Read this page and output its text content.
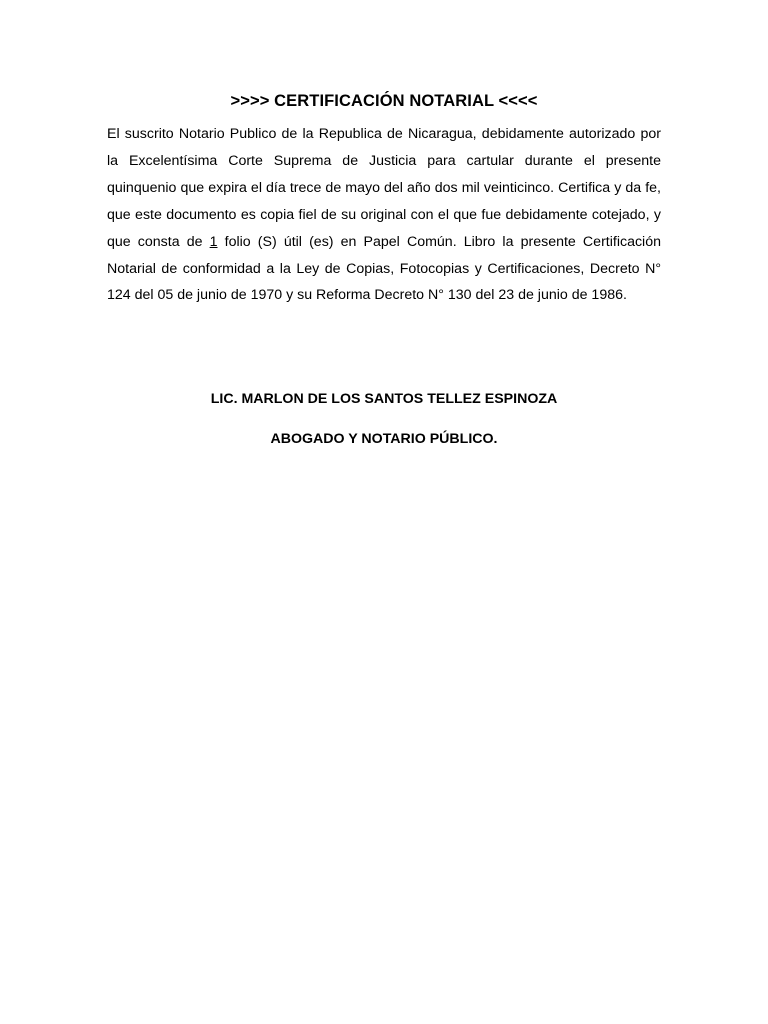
>>>> CERTIFICACIÓN NOTARIAL <<<<
El suscrito Notario Publico de la Republica de Nicaragua, debidamente autorizado por la Excelentísima Corte Suprema de Justicia para cartular durante el presente quinquenio que expira el día trece de mayo del año dos mil veinticinco. Certifica y da fe, que este documento es copia fiel de su original con el que fue debidamente cotejado, y que consta de 1 folio (S) útil (es) en Papel Común. Libro la presente Certificación Notarial de conformidad a la Ley de Copias, Fotocopias y Certificaciones, Decreto N° 124 del 05 de junio de 1970 y su Reforma Decreto N° 130 del 23 de junio de 1986.
LIC. MARLON DE LOS SANTOS TELLEZ ESPINOZA
ABOGADO Y NOTARIO PÚBLICO.
